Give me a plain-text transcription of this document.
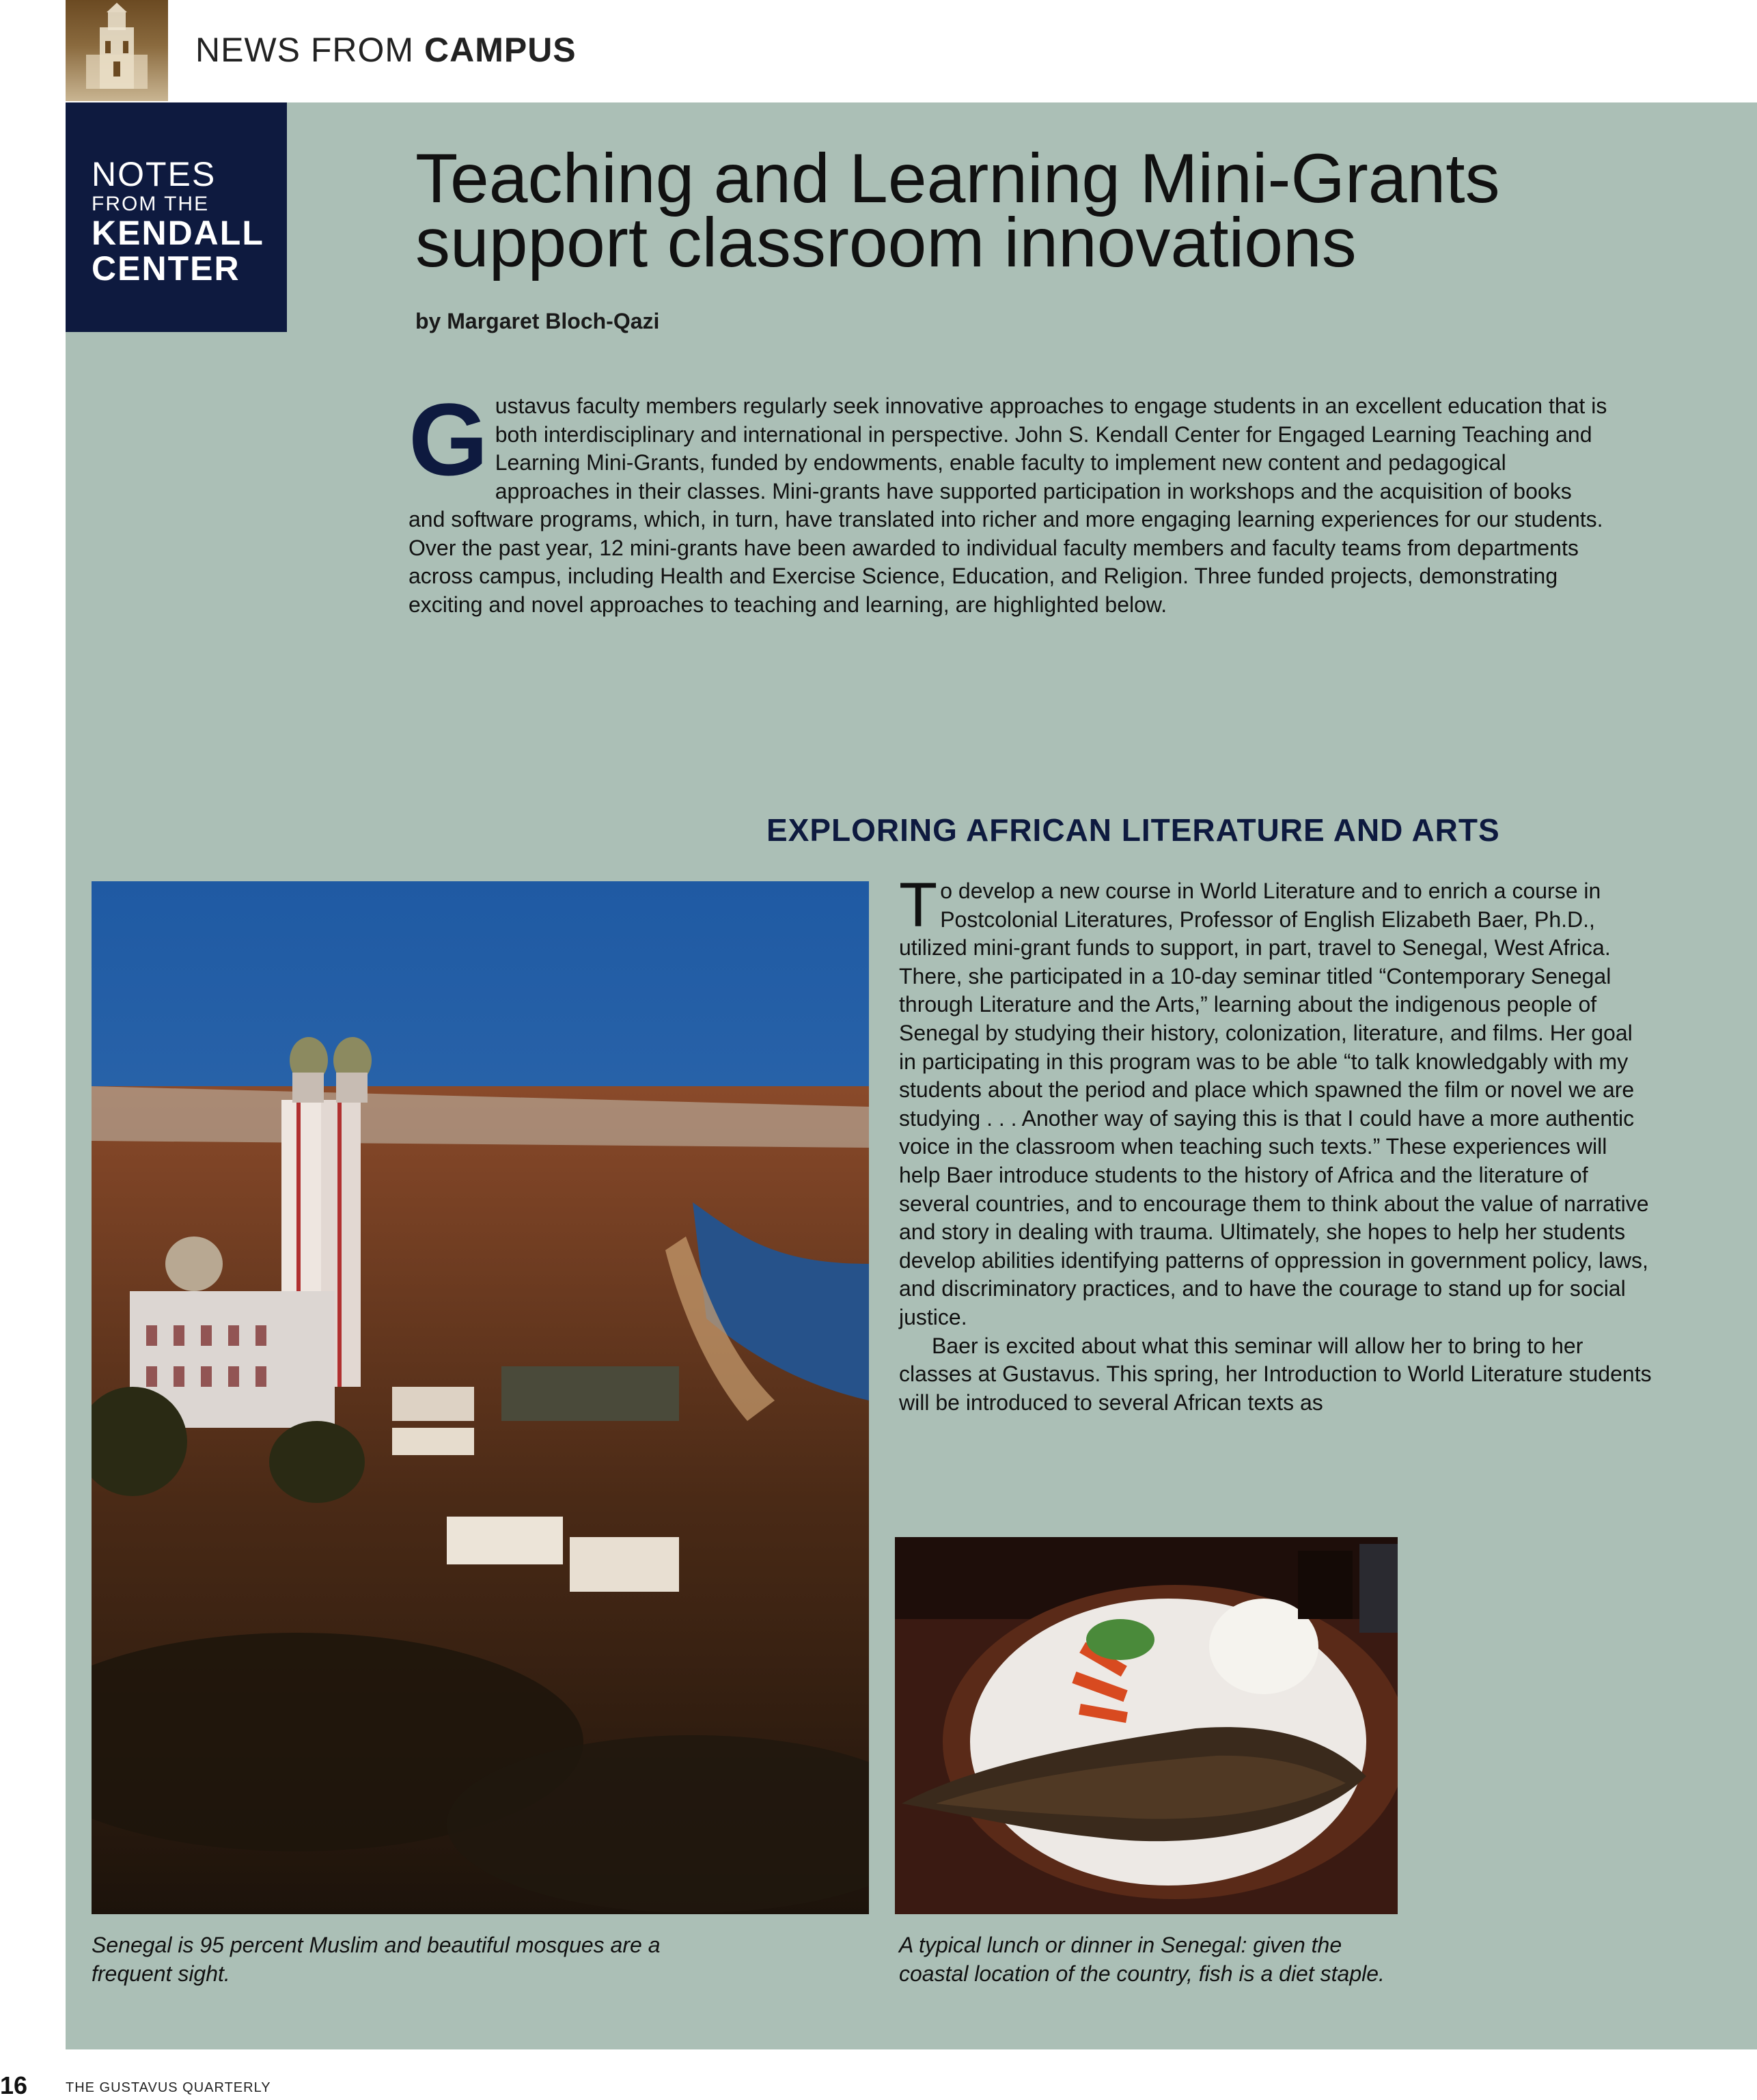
NEWS FROM CAMPUS
NOTES
FROM THE
KENDALL
CENTER
Teaching and Learning Mini-Grants
support classroom innovations
by Margaret Bloch-Qazi

Gustavus faculty members regularly seek innovative approaches to engage students in an excellent education that is both interdisciplinary and international in perspective. John S. Kendall Center for Engaged Learning Teaching and Learning Mini-Grants, funded by endowments, enable faculty to implement new content and pedagogical approaches in their classes. Mini-grants have supported participation in workshops and the acquisition of books and software programs, which, in turn, have translated into richer and more engaging learning experiences for our students. Over the past year, 12 mini-grants have been awarded to individual faculty members and faculty teams from departments across campus, including Health and Exercise Science, Education, and Religion. Three funded projects, demonstrating exciting and novel approaches to teaching and learning, are highlighted below.

EXPLORING AFRICAN LITERATURE AND ARTS

To develop a new course in World Literature and to enrich a course in Postcolonial Literatures, Professor of English Elizabeth Baer, Ph.D., utilized mini-grant funds to support, in part, travel to Senegal, West Africa. There, she participated in a 10-day seminar titled “Contemporary Senegal through Literature and the Arts,” learning about the indigenous people of Senegal by studying their history, colonization, literature, and films. Her goal in participating in this program was to be able “to talk knowledgably with my students about the period and place which spawned the film or novel we are studying . . . Another way of saying this is that I could have a more authentic voice in the classroom when teaching such texts.” These experiences will help Baer introduce students to the history of Africa and the literature of several countries, and to encourage them to think about the value of narrative and story in dealing with trauma. Ultimately, she hopes to help her students develop abilities identifying patterns of oppression in government policy, laws, and discriminatory practices, and to have the courage to stand up for social justice.

Baer is excited about what this seminar will allow her to bring to her classes at Gustavus. This spring, her Introduction to World Literature students will be introduced to several African texts as

Senegal is 95 percent Muslim and beautiful mosques are a frequent sight.
A typical lunch or dinner in Senegal: given the coastal location of the country, fish is a diet staple.
16	THE GUSTAVUS QUARTERLY
